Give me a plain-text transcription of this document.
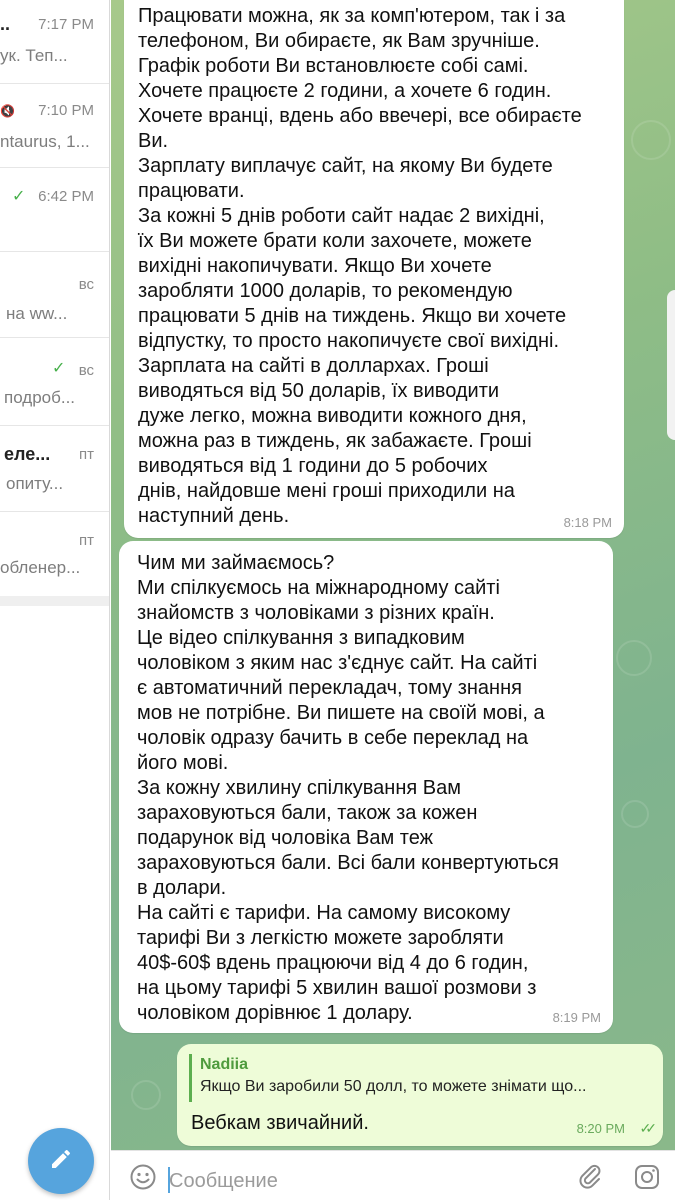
.. 7:17 PM
ук. Теп...
🔇 7:10 PM
ntaurus, 1...
✓ 6:42 PM
вс
на ww...
✓ вс
подроб...
еле... пт
опиту...
пт
обленер...
Працювати можна, як за комп'ютером, так і за
телефоном, Ви обираєте, як Вам зручніше.
Графік роботи Ви встановлюєте собі самі.
Хочете працюєте 2 години, а хочете 6 годин.
Хочете вранці, вдень або ввечері, все обираєте
Ви.
Зарплату виплачує сайт, на якому Ви будете
працювати.
За кожні 5 днів роботи сайт надає 2 вихідні,
їх Ви можете брати коли захочете, можете
вихідні накопичувати. Якщо Ви хочете
заробляти 1000 доларів, то рекомендую
працювати 5 днів на тиждень. Якщо ви хочете
відпустку, то просто накопичуєте свої вихідні.
Зарплата на сайті в доллархах. Гроші
виводяться від 50 доларів, їх виводити
дуже легко, можна виводити кожного дня,
можна раз в тиждень, як забажаєте. Гроші
виводяться від 1 години до 5 робочих
днів, найдовше мені гроші приходили на
наступний день.	8:18 PM
Чим ми займаємось?
Ми спілкуємось на міжнародному сайті
знайомств з чоловіками з різних країн.
Це відео спілкування з випадковим
чоловіком з яким нас з'єднує сайт. На сайті
є автоматичний перекладач, тому знання
мов не потрібне. Ви пишете на своїй мові, а
чоловік одразу бачить в себе переклад на
його мові.
За кожну хвилину спілкування Вам
зараховуються бали, також за кожен
подарунок від чоловіка Вам теж
зараховуються бали. Всі бали конвертуються
в долари.
На сайті є тарифи. На самому високому
тарифі Ви з легкістю можете заробляти
40$-60$ вдень працюючи від 4 до 6 годин,
на цьому тарифі 5 хвилин вашої розмови з
чоловіком дорівнює 1 долару.	8:19 PM
Nadiia
Якщо Ви заробили 50 долл, то можете знімати що...
Вебкам звичайний.	8:20 PM ✓✓
Сообщение
